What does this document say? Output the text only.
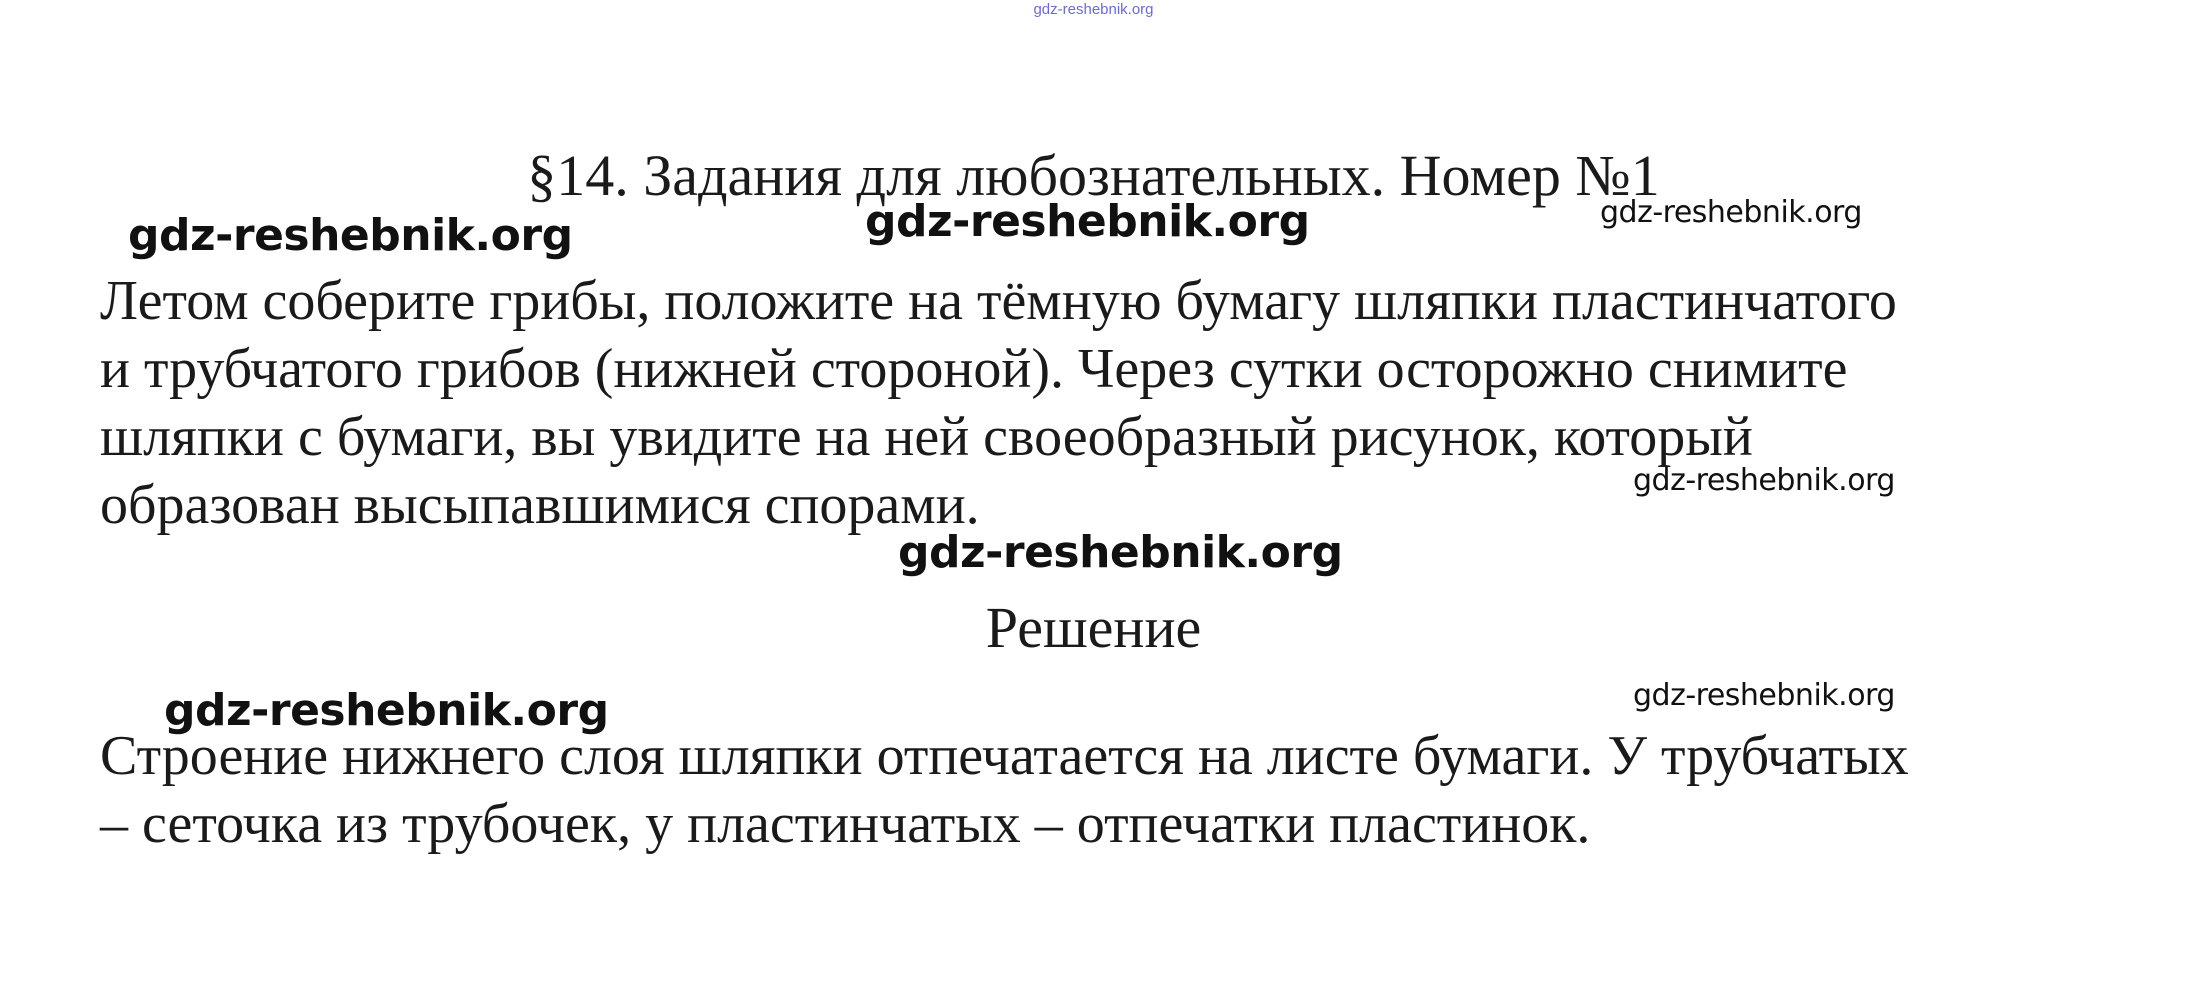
gdz-reshebnik.org
§14. Задания для любознательных. Номер №1
Летом соберите грибы, положите на тёмную бумагу шляпки пластинчатого
и трубчатого грибов (нижней стороной). Через сутки осторожно снимите
шляпки с бумаги, вы увидите на ней своеобразный рисунок, который
образован высыпавшимися спорами.
Решение
Строение нижнего слоя шляпки отпечатается на листе бумаги. У трубчатых
– сеточка из трубочек, у пластинчатых – отпечатки пластинок.
gdz-reshebnik.org	gdz-reshebnik.org	gdz-reshebnik.org
gdz-reshebnik.org
gdz-reshebnik.org
gdz-reshebnik.org	gdz-reshebnik.org
